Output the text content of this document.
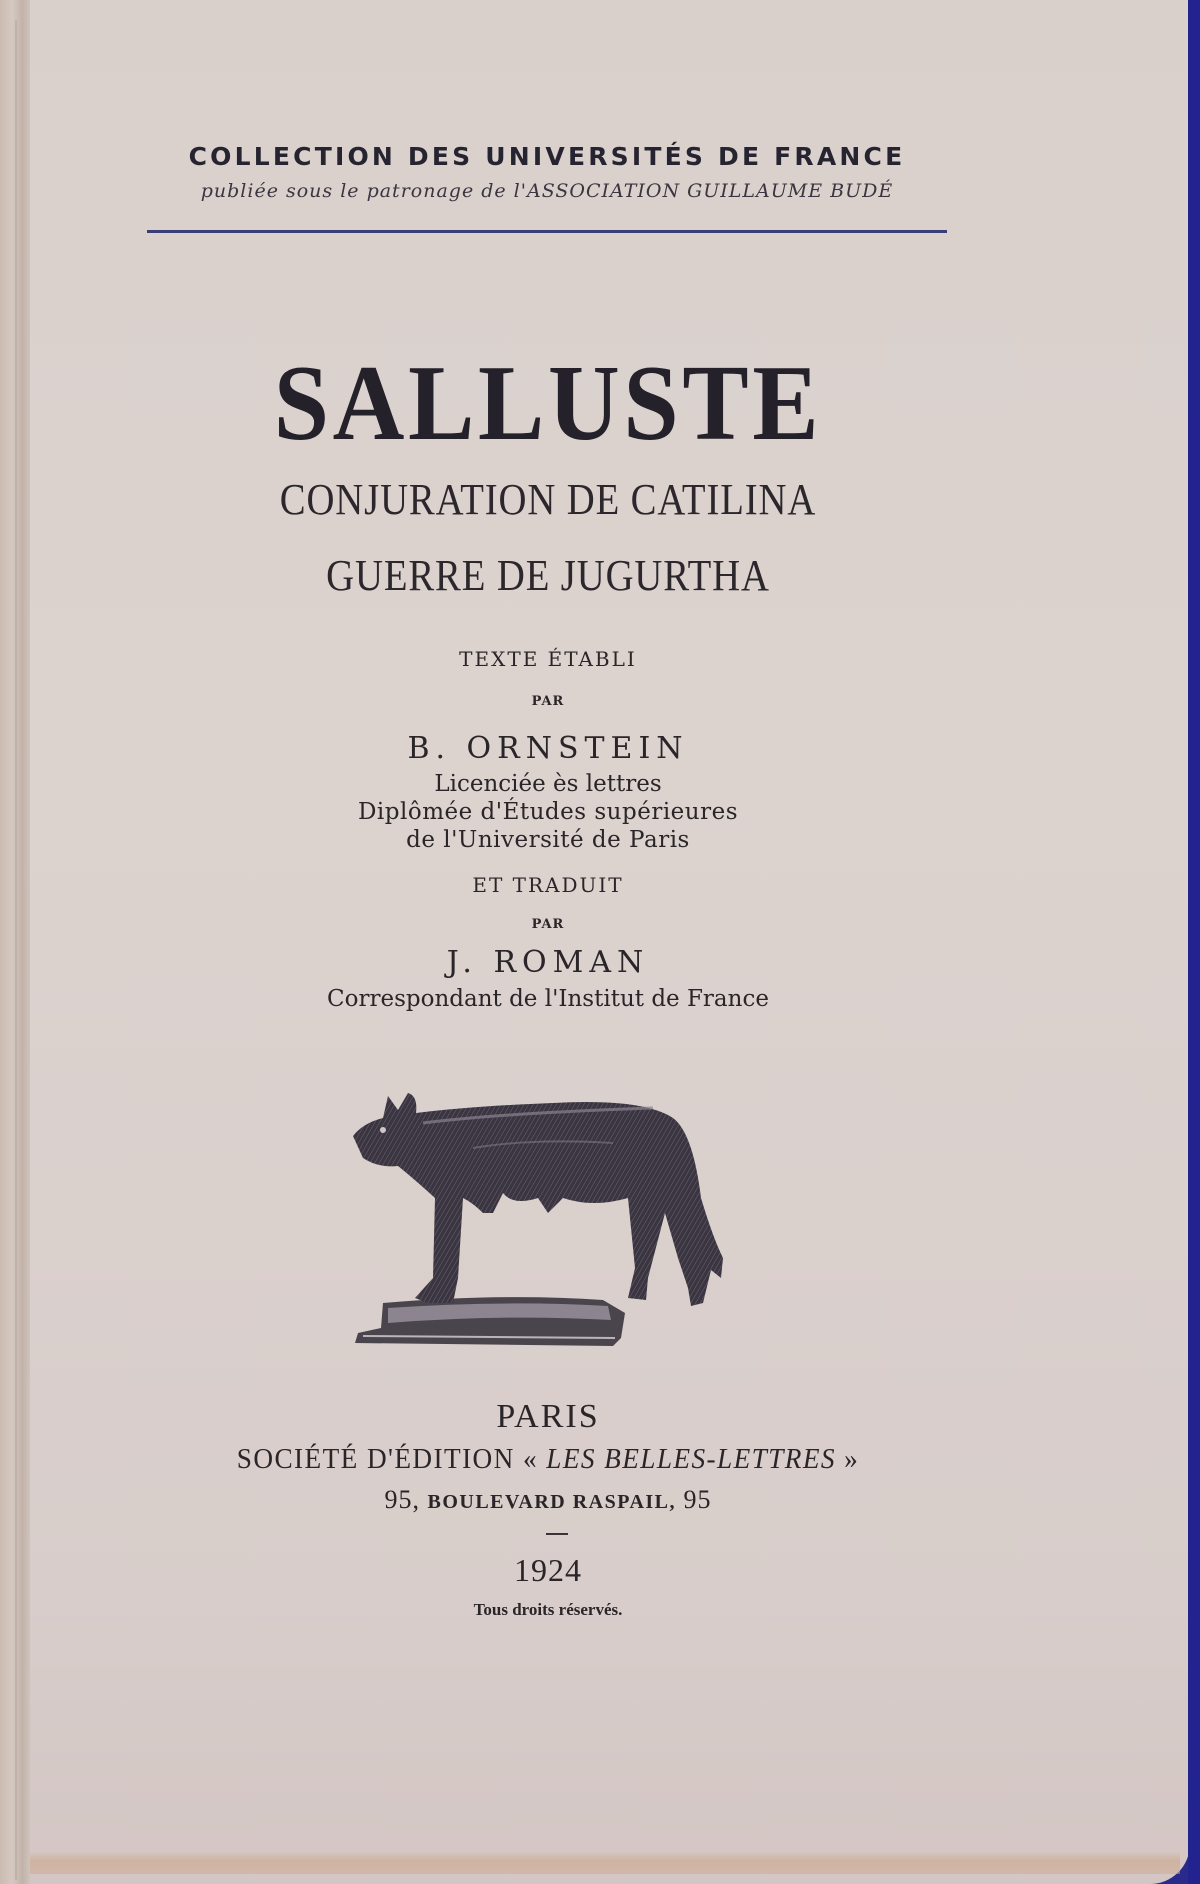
COLLECTION DES UNIVERSITÉS DE FRANCE
publiée sous le patronage de l'ASSOCIATION GUILLAUME BUDÉ
SALLUSTE
CONJURATION DE CATILINA
GUERRE DE JUGURTHA
TEXTE ÉTABLI
PAR
B. ORNSTEIN
Licenciée ès lettres
Diplômée d'Études supérieures
de l'Université de Paris
ET TRADUIT
PAR
J. ROMAN
Correspondant de l'Institut de France
PARIS
SOCIÉTÉ D'ÉDITION « LES BELLES-LETTRES »
95, BOULEVARD RASPAIL, 95
1924
Tous droits réservés.
